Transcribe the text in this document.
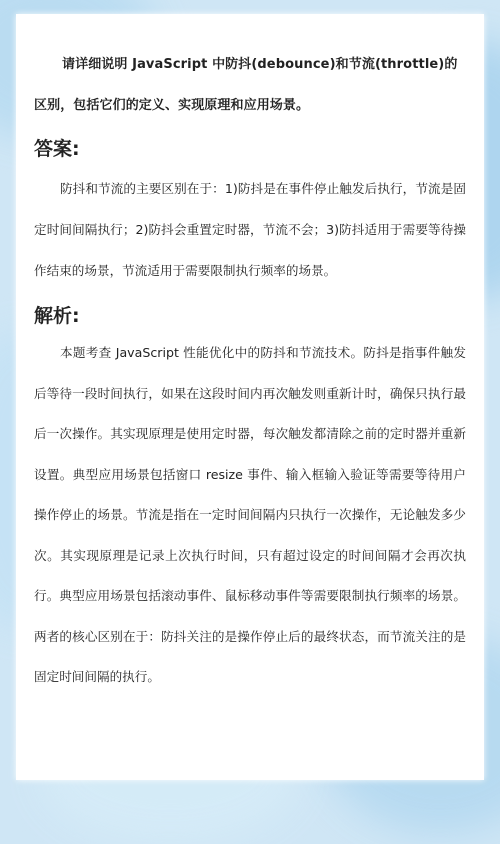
请详细说明 JavaScript 中防抖(debounce)和节流(throttle)的区别，包括它们的定义、实现原理和应用场景。

答案:

防抖和节流的主要区别在于：1)防抖是在事件停止触发后执行，节流是固定时间间隔执行；2)防抖会重置定时器，节流不会；3)防抖适用于需要等待操作结束的场景，节流适用于需要限制执行频率的场景。

解析:

本题考查 JavaScript 性能优化中的防抖和节流技术。防抖是指事件触发后等待一段时间执行，如果在这段时间内再次触发则重新计时，确保只执行最后一次操作。其实现原理是使用定时器，每次触发都清除之前的定时器并重新设置。典型应用场景包括窗口 resize 事件、输入框输入验证等需要等待用户操作停止的场景。节流是指在一定时间间隔内只执行一次操作，无论触发多少次。其实现原理是记录上次执行时间，只有超过设定的时间间隔才会再次执行。典型应用场景包括滚动事件、鼠标移动事件等需要限制执行频率的场景。两者的核心区别在于：防抖关注的是操作停止后的最终状态，而节流关注的是固定时间间隔的执行。
